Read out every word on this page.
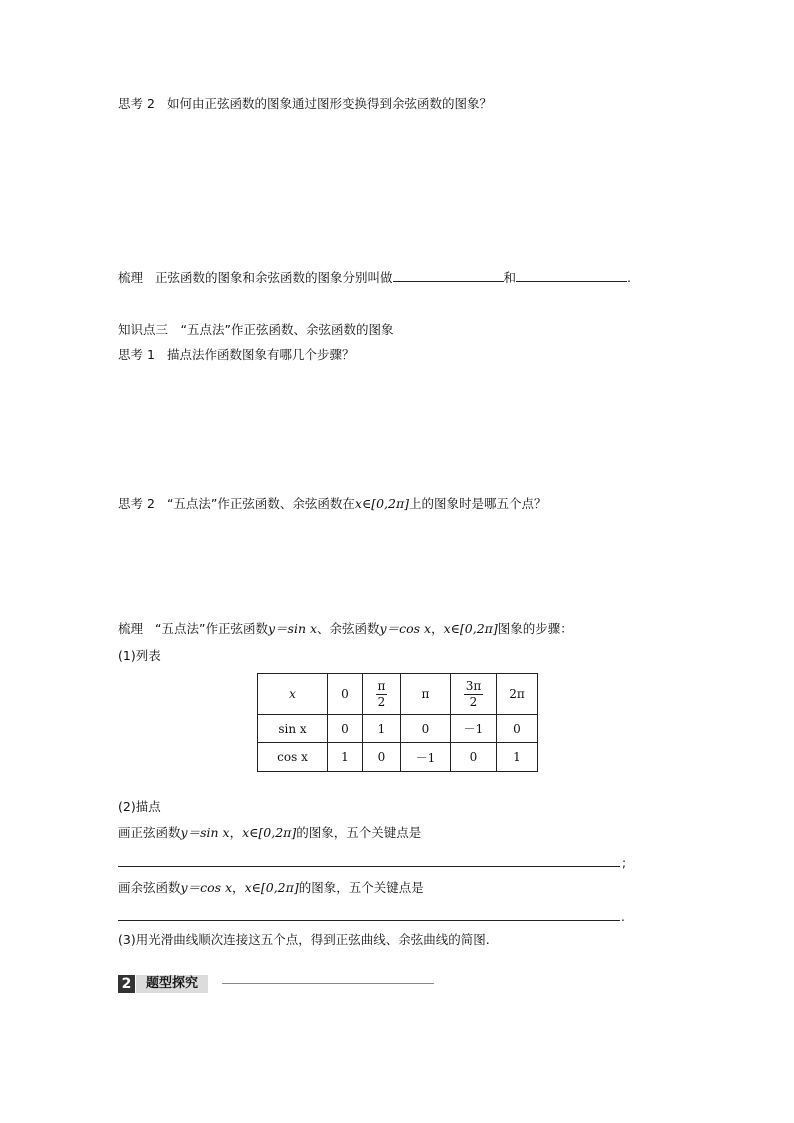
思考 2 如何由正弦函数的图象通过图形变换得到余弦函数的图象？
梳理 正弦函数的图象和余弦函数的图象分别叫做	和	.
知识点三　“五点法”作正弦函数、余弦函数的图象
思考 1 描点法作函数图象有哪几个步骤？
思考 2 “五点法”作正弦函数、余弦函数在x∈[0,2π]上的图象时是哪五个点？
梳理 “五点法”作正弦函数y＝sin x、余弦函数y＝cos x，x∈[0,2π]图象的步骤：
(1)列表
x	0	$\frac{\pi}{2}$	π	$\frac{3\pi}{2}$	2π
sin x	0	1	0	－1	0
cos x	1	0	－1	0	1
(2)描点
画正弦函数y＝sin x，x∈[0,2π]的图象，五个关键点是
;
画余弦函数y＝cos x，x∈[0,2π]的图象，五个关键点是
.
(3)用光滑曲线顺次连接这五个点，得到正弦曲线、余弦曲线的简图.
2	题型探究
